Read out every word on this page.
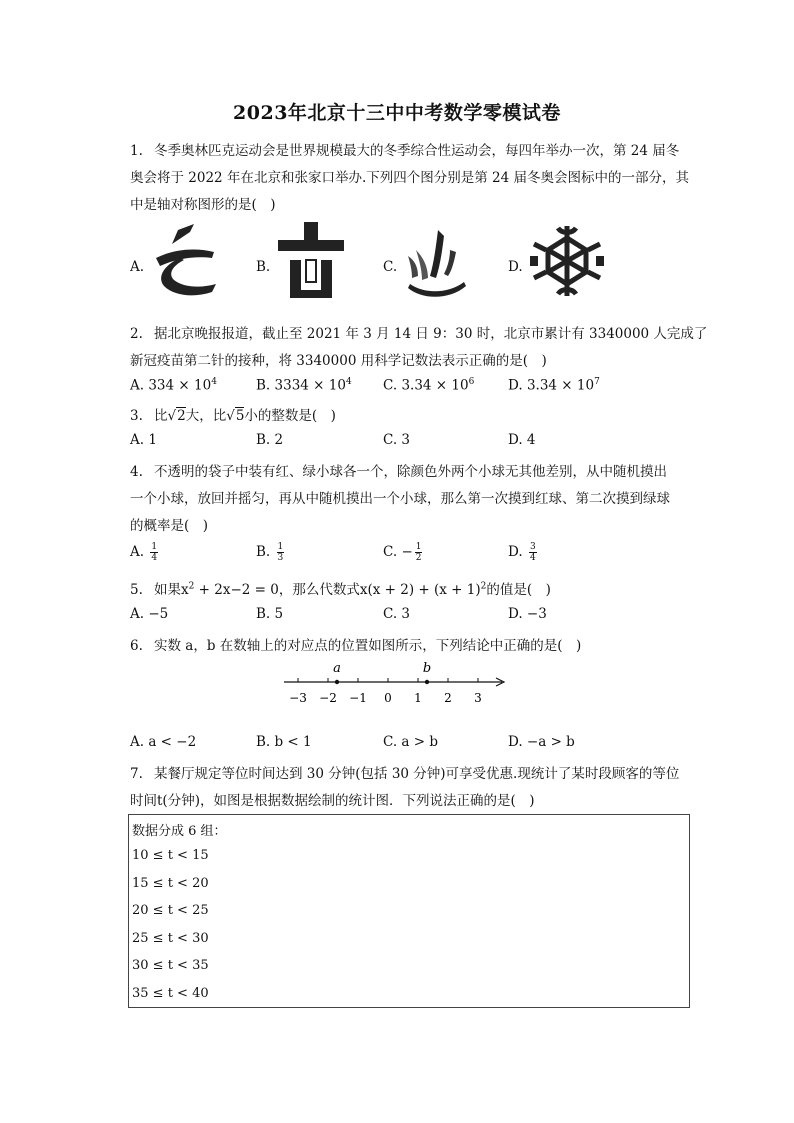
2023年北京十三中中考数学零模试卷
1. 冬季奥林匹克运动会是世界规模最大的冬季综合性运动会，每四年举办一次，第 24 届冬
奥会将于 2022 年在北京和张家口举办.下列四个图分别是第 24 届冬奥会图标中的一部分，其
中是轴对称图形的是(　)
A.	B.	C.	D.
2. 据北京晚报报道，截止至 2021 年 3 月 14 日 9：30 时，北京市累计有 3340000 人完成了
新冠疫苗第二针的接种，将 3340000 用科学记数法表示正确的是(　)
A. $334 \times 10^4$	B. $3334 \times 10^4$ C. $3.34 \times 10^6$ D. $3.34 \times 10^7$
3. 比√2大，比√5小的整数是(　)
A. 1	B. 2	C. 3	D. 4
4. 不透明的袋子中装有红、绿小球各一个，除颜色外两个小球无其他差别，从中随机摸出
一个小球，放回并摇匀，再从中随机摸出一个小球，那么第一次摸到红球、第二次摸到绿球
的概率是(　)
A. $\frac{1}{4}$	B. $\frac{1}{3}$	C. − $\frac{1}{2}$	D. $\frac{3}{4}$
5. 如果$x^2 + 2x-2 = 0$，那么代数式$x(x + 2) + (x + 1)^2$的值是(　)
A. −5	B. 5	C. 3	D. −3
6. 实数 a，b 在数轴上的对应点的位置如图所示，下列结论中正确的是(　)
−3 −2 −1 0 1 2 3
a	b
A. a < −2	B. b < 1	C. a > b	D. −a > b
7. 某餐厅规定等位时间达到 30 分钟(包括 30 分钟)可享受优惠.现统计了某时段顾客的等位
时间t(分钟)，如图是根据数据绘制的统计图．下列说法正确的是(　)
数据分成 6 组：
10 ≤ t < 15
15 ≤ t < 20
20 ≤ t < 25
25 ≤ t < 30
30 ≤ t < 35
35 ≤ t < 40
